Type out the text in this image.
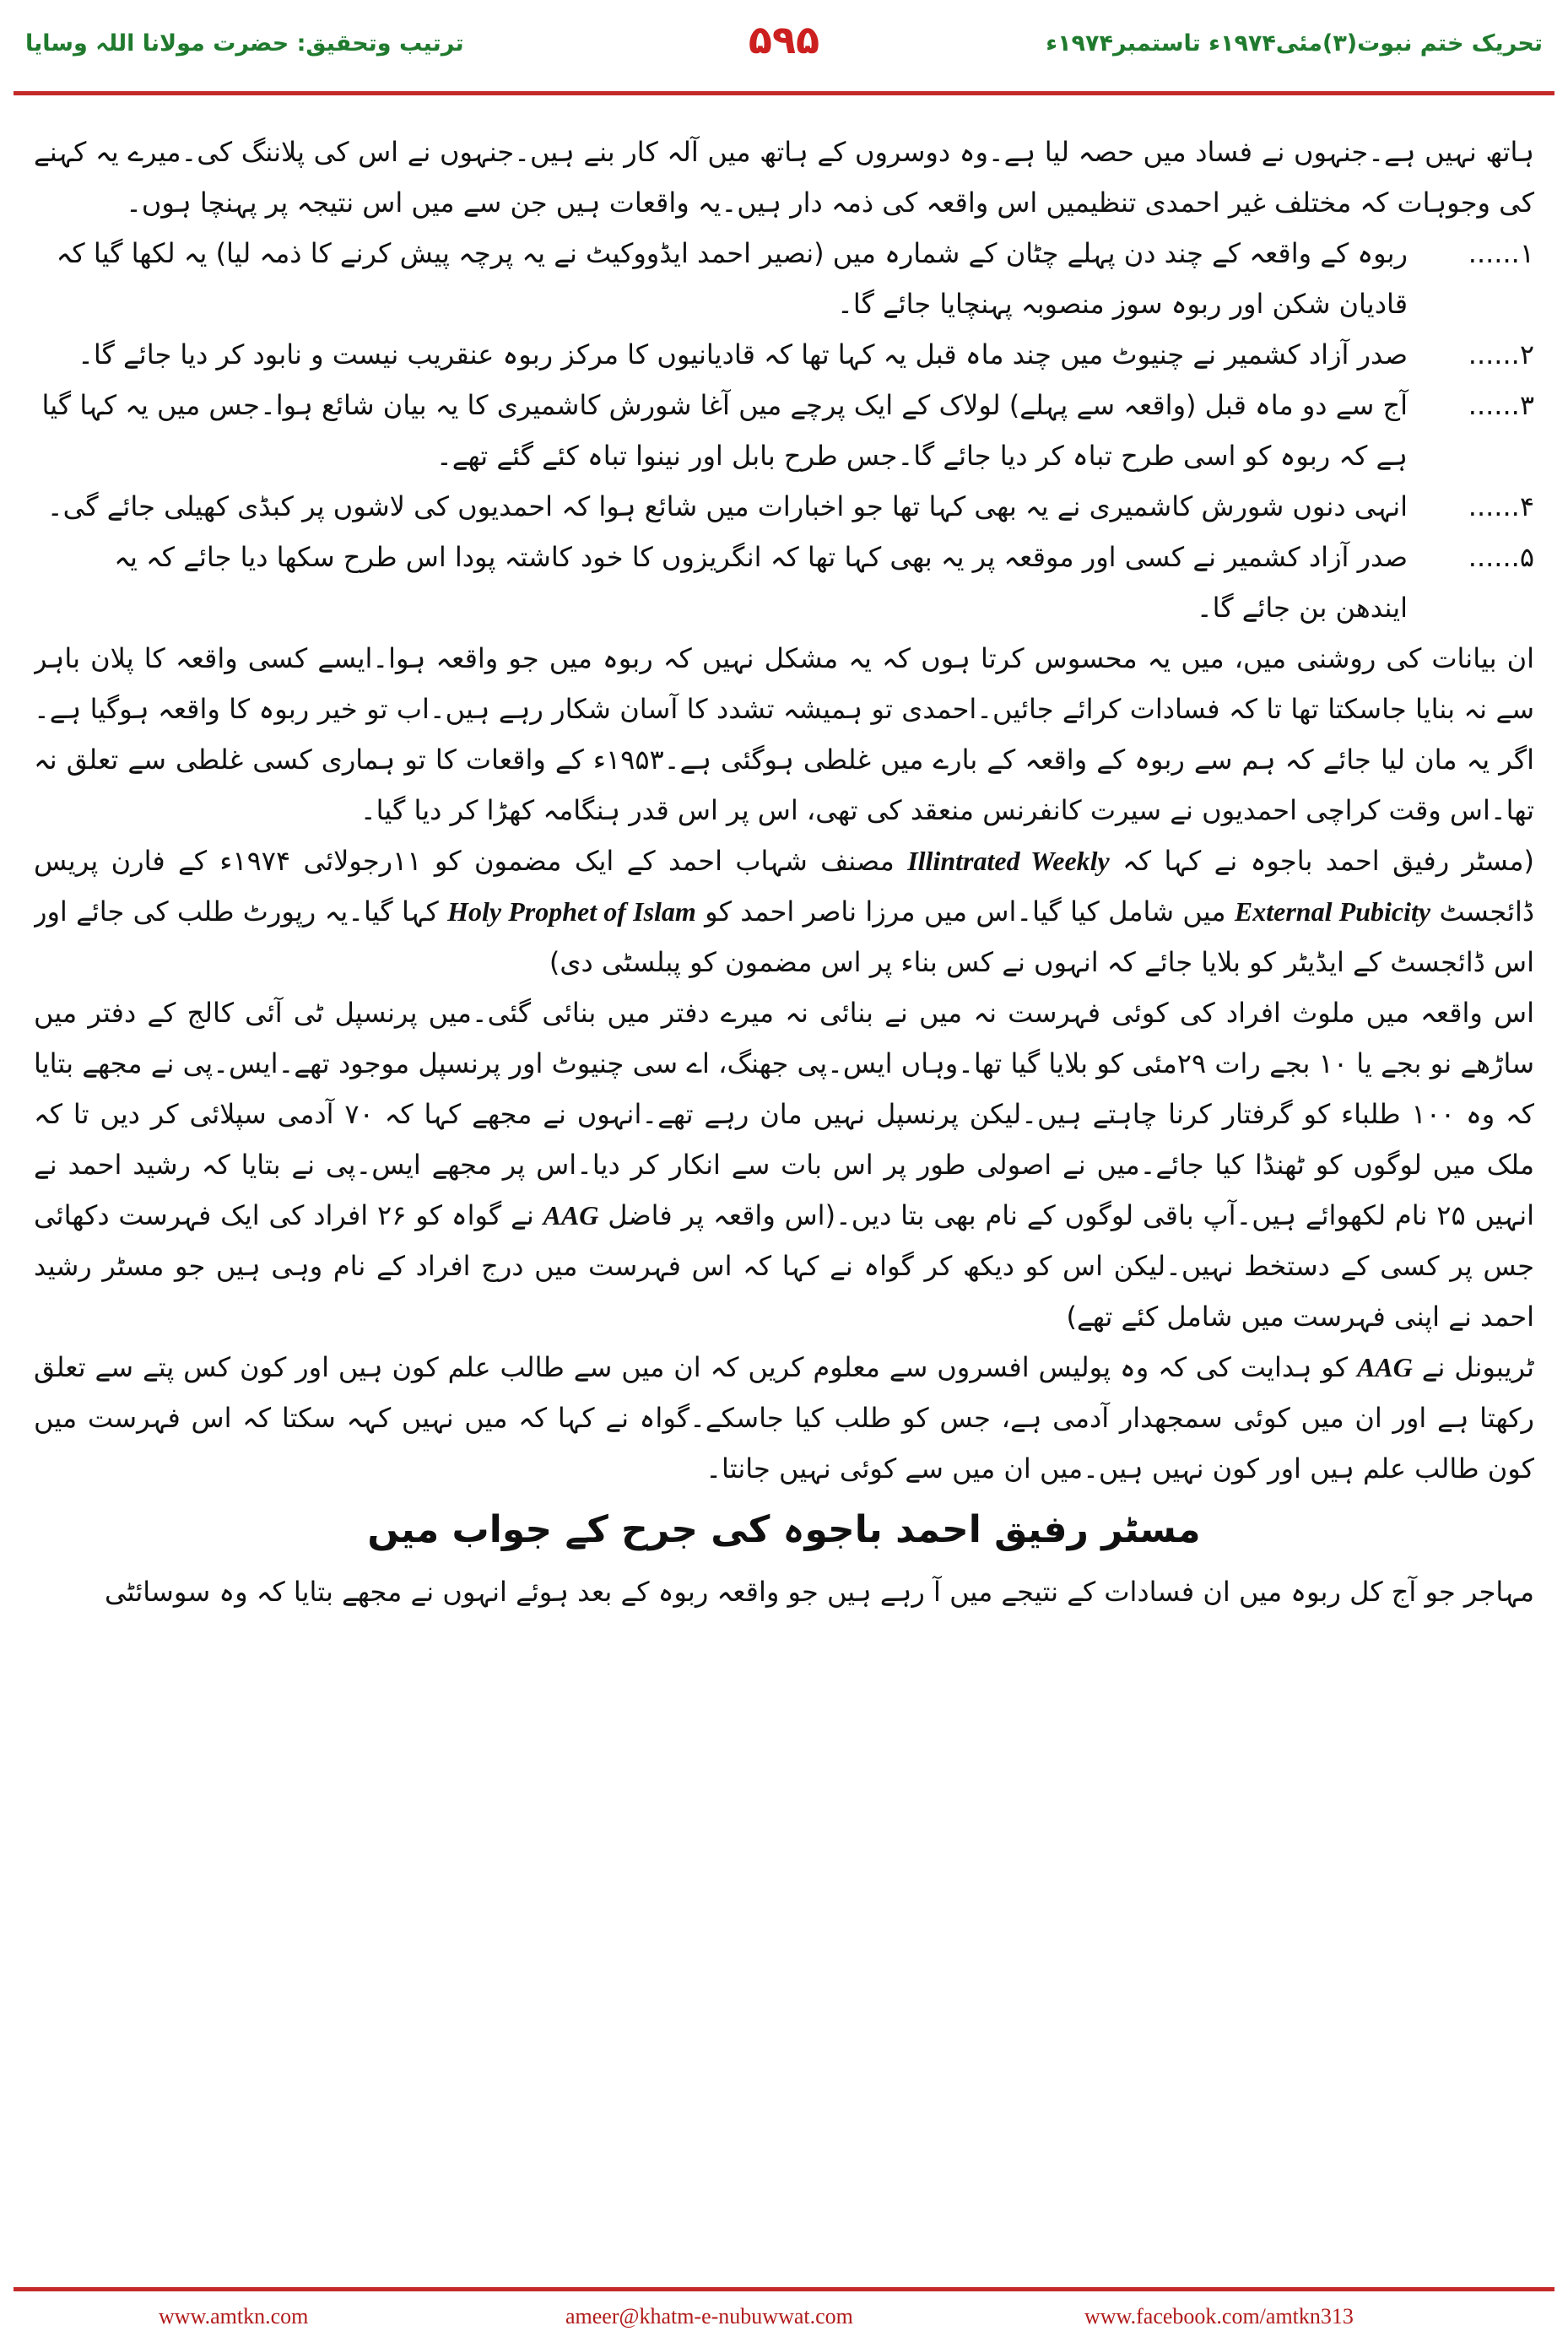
تحریک ختم نبوت(۳)مئی۱۹۷۴ء تاستمبر۱۹۷۴ء
۵۹۵
ترتیب وتحقیق: حضرت مولانا اللہ وسایا

ہاتھ نہیں ہے۔جنہوں نے فساد میں حصہ لیا ہے۔وہ دوسروں کے ہاتھ میں آلہ کار بنے ہیں۔جنہوں نے اس کی پلاننگ کی۔میرے یہ کہنے کی وجوہات کہ مختلف غیر احمدی تنظیمیں اس واقعہ کی ذمہ دار ہیں۔یہ واقعات ہیں جن سے میں اس نتیجہ پر پہنچا ہوں۔

۱......
ربوہ کے واقعہ کے چند دن پہلے چٹان کے شمارہ میں (نصیر احمد ایڈووکیٹ نے یہ پرچہ پیش کرنے کا ذمہ لیا) یہ لکھا گیا کہ قادیان شکن اور ربوہ سوز منصوبہ پہنچایا جائے گا۔
۲......
صدر آزاد کشمیر نے چنیوٹ میں چند ماہ قبل یہ کہا تھا کہ قادیانیوں کا مرکز ربوہ عنقریب نیست و نابود کر دیا جائے گا۔
۳......
آج سے دو ماہ قبل (واقعہ سے پہلے) لولاک کے ایک پرچے میں آغا شورش کاشمیری کا یہ بیان شائع ہوا۔جس میں یہ کہا گیا ہے کہ ربوہ کو اسی طرح تباہ کر دیا جائے گا۔جس طرح بابل اور نینوا تباہ کئے گئے تھے۔
۴......
انہی دنوں شورش کاشمیری نے یہ بھی کہا تھا جو اخبارات میں شائع ہوا کہ احمدیوں کی لاشوں پر کبڈی کھیلی جائے گی۔
۵......
صدر آزاد کشمیر نے کسی اور موقعہ پر یہ بھی کہا تھا کہ انگریزوں کا خود کاشتہ پودا اس طرح سکھا دیا جائے کہ یہ ایندھن بن جائے گا۔

ان بیانات کی روشنی میں، میں یہ محسوس کرتا ہوں کہ یہ مشکل نہیں کہ ربوہ میں جو واقعہ ہوا۔ایسے کسی واقعہ کا پلان باہر سے نہ بنایا جاسکتا تھا تا کہ فسادات کرائے جائیں۔احمدی تو ہمیشہ تشدد کا آسان شکار رہے ہیں۔اب تو خیر ربوہ کا واقعہ ہوگیا ہے۔اگر یہ مان لیا جائے کہ ہم سے ربوہ کے واقعہ کے بارے میں غلطی ہوگئی ہے۔۱۹۵۳ء کے واقعات کا تو ہماری کسی غلطی سے تعلق نہ تھا۔اس وقت کراچی احمدیوں نے سیرت کانفرنس منعقد کی تھی، اس پر اس قدر ہنگامہ کھڑا کر دیا گیا۔

(مسٹر رفیق احمد باجوہ نے کہا کہ Illintrated Weekly مصنف شہاب احمد کے ایک مضمون کو ۱۱رجولائی ۱۹۷۴ء کے فارن پریس ڈائجسٹ External Pubicity میں شامل کیا گیا۔اس میں مرزا ناصر احمد کو Holy Prophet of Islam کہا گیا۔یہ رپورٹ طلب کی جائے اور اس ڈائجسٹ کے ایڈیٹر کو بلایا جائے کہ انہوں نے کس بناء پر اس مضمون کو پبلسٹی دی)

اس واقعہ میں ملوث افراد کی کوئی فہرست نہ میں نے بنائی نہ میرے دفتر میں بنائی گئی۔میں پرنسپل ٹی آئی کالج کے دفتر میں ساڑھے نو بجے یا ۱۰ بجے رات ۲۹مئی کو بلایا گیا تھا۔وہاں ایس۔پی جھنگ، اے سی چنیوٹ اور پرنسپل موجود تھے۔ایس۔پی نے مجھے بتایا کہ وہ ۱۰۰ طلباء کو گرفتار کرنا چاہتے ہیں۔لیکن پرنسپل نہیں مان رہے تھے۔انہوں نے مجھے کہا کہ ۷۰ آدمی سپلائی کر دیں تا کہ ملک میں لوگوں کو ٹھنڈا کیا جائے۔میں نے اصولی طور پر اس بات سے انکار کر دیا۔اس پر مجھے ایس۔پی نے بتایا کہ رشید احمد نے انہیں ۲۵ نام لکھوائے ہیں۔آپ باقی لوگوں کے نام بھی بتا دیں۔(اس واقعہ پر فاضل AAG نے گواہ کو ۲۶ افراد کی ایک فہرست دکھائی جس پر کسی کے دستخط نہیں۔لیکن اس کو دیکھ کر گواہ نے کہا کہ اس فہرست میں درج افراد کے نام وہی ہیں جو مسٹر رشید احمد نے اپنی فہرست میں شامل کئے تھے)

ٹریبونل نے AAG کو ہدایت کی کہ وہ پولیس افسروں سے معلوم کریں کہ ان میں سے طالب علم کون ہیں اور کون کس پتے سے تعلق رکھتا ہے اور ان میں کوئی سمجھدار آدمی ہے، جس کو طلب کیا جاسکے۔گواہ نے کہا کہ میں نہیں کہہ سکتا کہ اس فہرست میں کون طالب علم ہیں اور کون نہیں ہیں۔میں ان میں سے کوئی نہیں جانتا۔

مسٹر رفیق احمد باجوہ کی جرح کے جواب میں

مہاجر جو آج کل ربوہ میں ان فسادات کے نتیجے میں آ رہے ہیں جو واقعہ ربوہ کے بعد ہوئے انہوں نے مجھے بتایا کہ وہ سوسائٹی

www.amtkn.com	ameer@khatm-e-nubuwwat.com	www.facebook.com/amtkn313
